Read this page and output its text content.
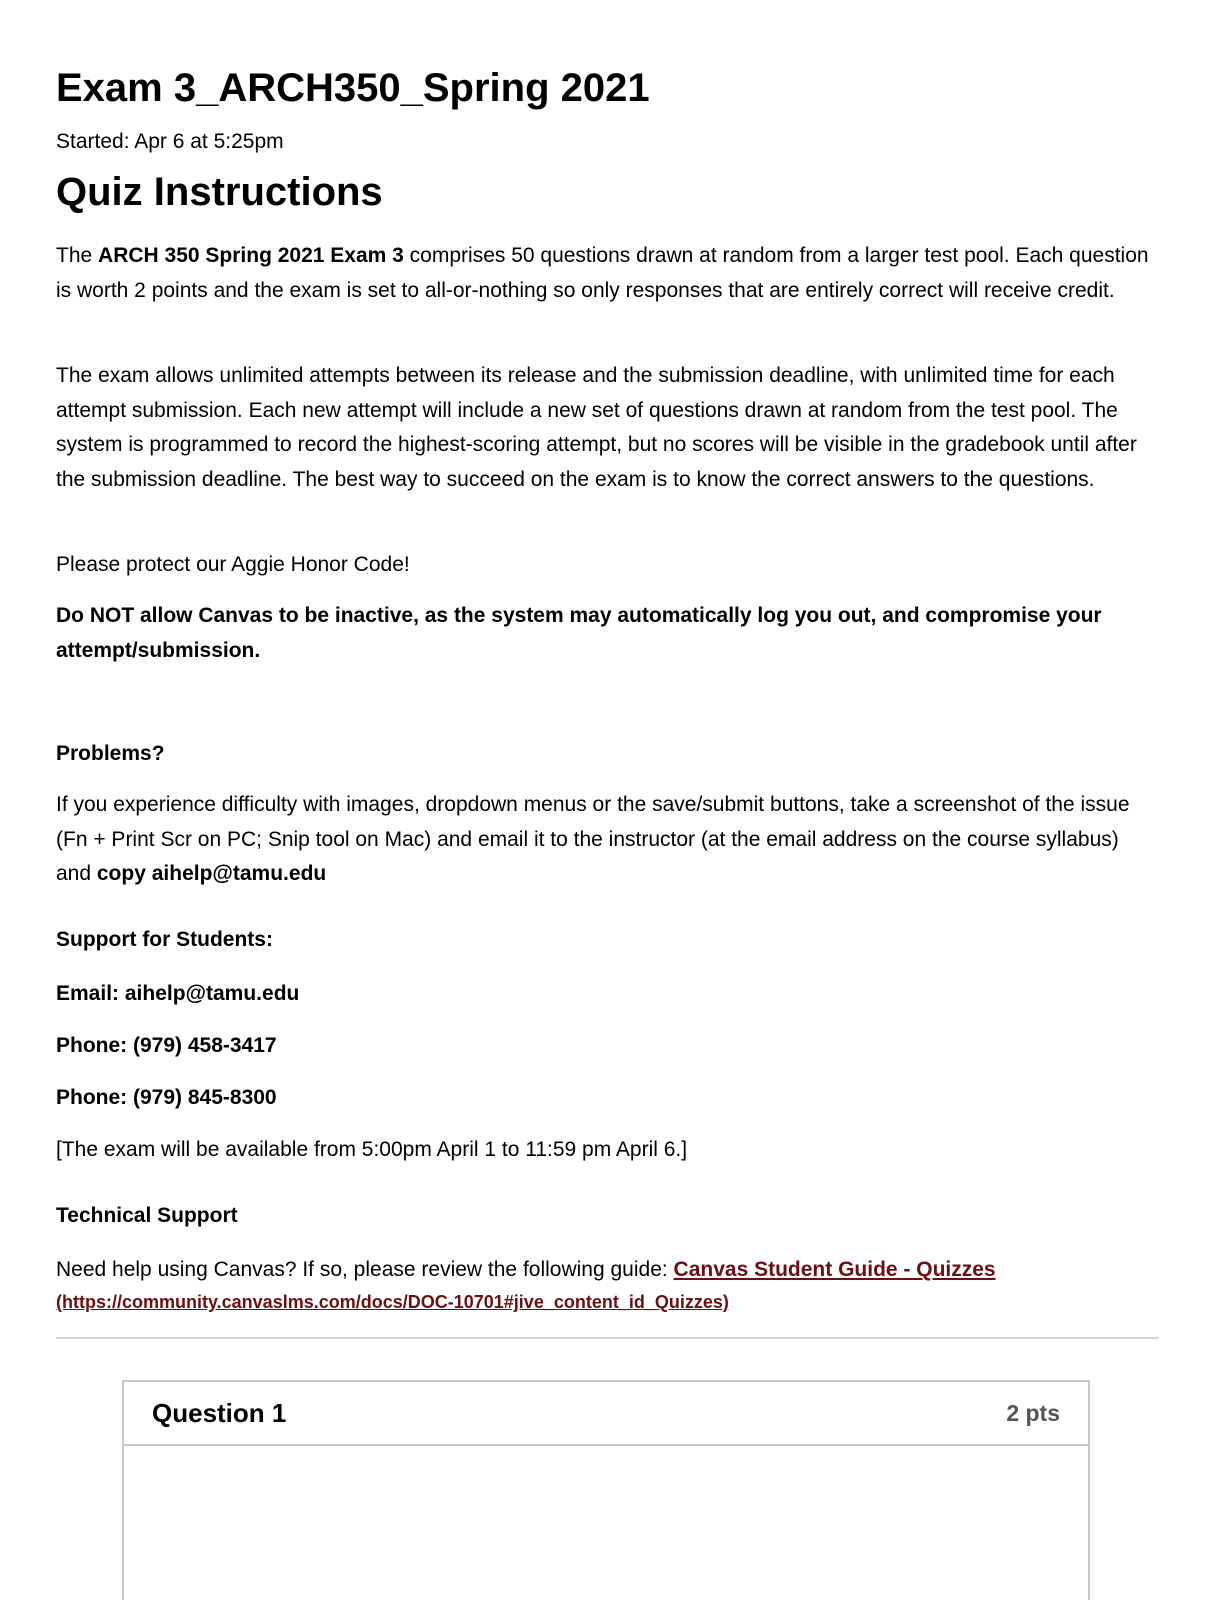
Exam 3_ARCH350_Spring 2021
Started: Apr 6 at 5:25pm
Quiz Instructions

The ARCH 350 Spring 2021 Exam 3 comprises 50 questions drawn at random from a larger test pool. Each question is worth 2 points and the exam is set to all-or-nothing so only responses that are entirely correct will receive credit.

The exam allows unlimited attempts between its release and the submission deadline, with unlimited time for each attempt submission. Each new attempt will include a new set of questions drawn at random from the test pool. The system is programmed to record the highest-scoring attempt, but no scores will be visible in the gradebook until after the submission deadline. The best way to succeed on the exam is to know the correct answers to the questions.

Please protect our Aggie Honor Code!

Do NOT allow Canvas to be inactive, as the system may automatically log you out, and compromise your attempt/submission.

Problems?

If you experience difficulty with images, dropdown menus or the save/submit buttons, take a screenshot of the issue (Fn + Print Scr on PC; Snip tool on Mac) and email it to the instructor (at the email address on the course syllabus) and copy aihelp@tamu.edu

Support for Students:

Email: aihelp@tamu.edu

Phone: (979) 458-3417

Phone: (979) 845-8300

[The exam will be available from 5:00pm April 1 to 11:59 pm April 6.]

Technical Support

Need help using Canvas? If so, please review the following guide: Canvas Student Guide - Quizzes

(https://community.canvaslms.com/docs/DOC-10701#jive_content_id_Quizzes)
Question 1	2 pts
